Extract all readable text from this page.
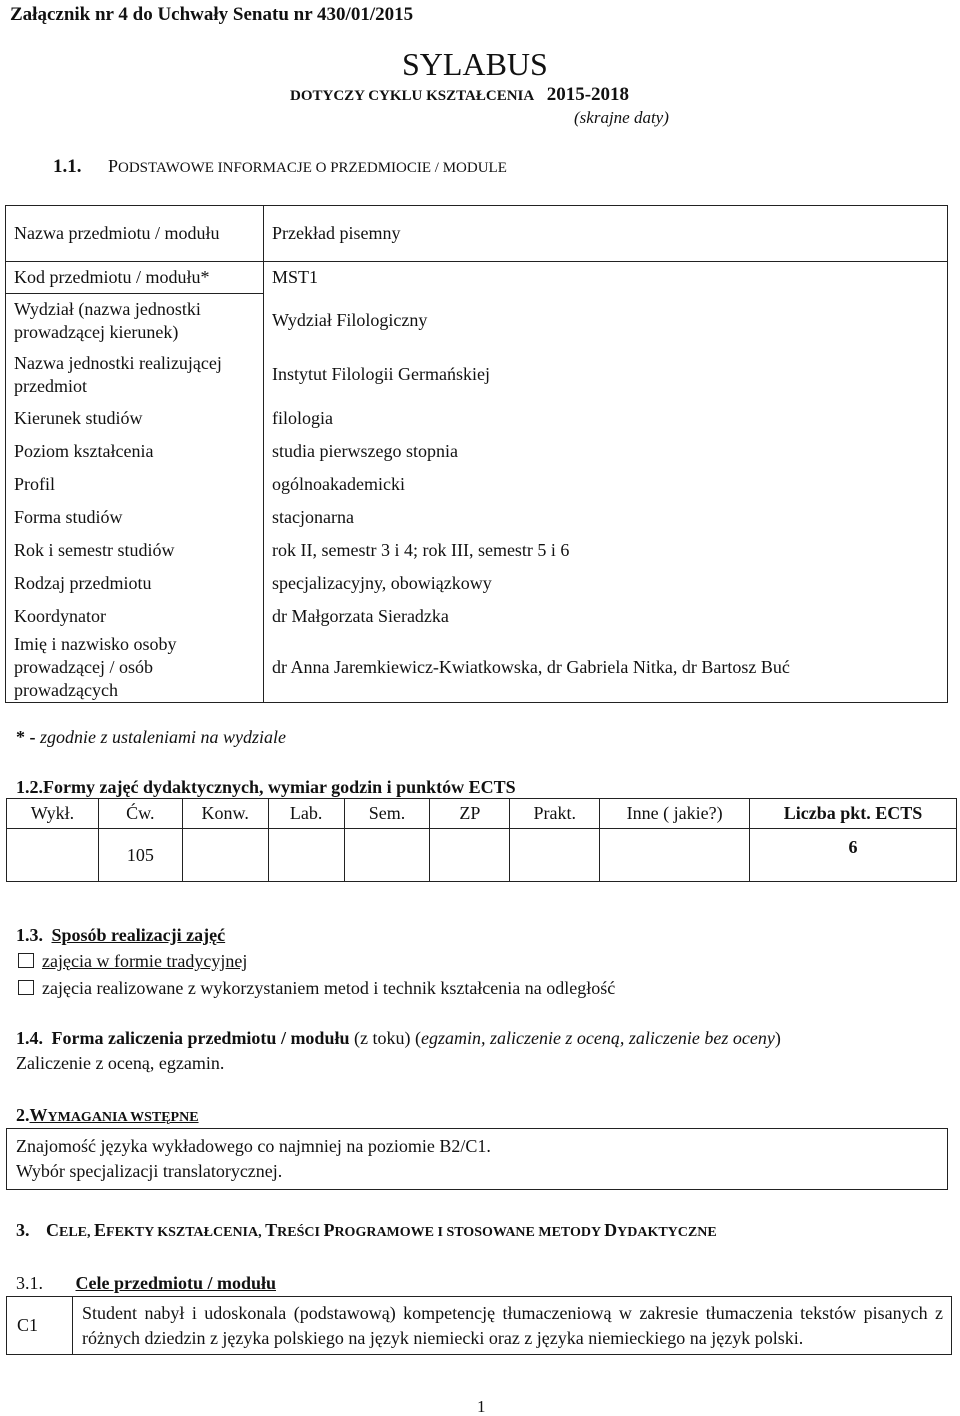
Załącznik nr 4 do Uchwały Senatu nr 430/01/2015
SYLABUS
DOTYCZY CYKLU KSZTAŁCENIA 2015-2018
(skrajne daty)
1.1. PODSTAWOWE INFORMACJE O PRZEDMIOCIE / MODULE
Nazwa przedmiotu / modułu	Przekład pisemny
Kod przedmiotu / modułu*	MST1
Wydział (nazwa jednostki prowadzącej kierunek)	Wydział Filologiczny
Nazwa jednostki realizującej przedmiot	Instytut Filologii Germańskiej
Kierunek studiów	filologia
Poziom kształcenia	studia pierwszego stopnia
Profil	ogólnoakademicki
Forma studiów	stacjonarna
Rok i semestr studiów	rok II, semestr 3 i 4; rok III, semestr 5 i 6
Rodzaj przedmiotu	specjalizacyjny, obowiązkowy
Koordynator	dr Małgorzata Sieradzka
Imię i nazwisko osoby prowadzącej / osób prowadzących	dr Anna Jaremkiewicz-Kwiatkowska, dr Gabriela Nitka, dr Bartosz Buć
* - zgodnie z ustaleniami na wydziale
1.2.Formy zajęć dydaktycznych, wymiar godzin i punktów ECTS
Wykł.	Ćw.	Konw.	Lab.	Sem.	ZP	Prakt.	Inne ( jakie?)	Liczba pkt. ECTS
	105							6
1.3. Sposób realizacji zajęć
zajęcia w formie tradycyjnej
zajęcia realizowane z wykorzystaniem metod i technik kształcenia na odległość
1.4. Forma zaliczenia przedmiotu / modułu (z toku) (egzamin, zaliczenie z oceną, zaliczenie bez oceny)
Zaliczenie z oceną, egzamin.
2.WYMAGANIA WSTĘPNE
Znajomość języka wykładowego co najmniej na poziomie B2/C1.
Wybór specjalizacji translatorycznej.
3. CELE, EFEKTY KSZTAŁCENIA, TREŚCI PROGRAMOWE I STOSOWANE METODY DYDAKTYCZNE
3.1. Cele przedmiotu / modułu
C1	Student nabył i udoskonala (podstawową) kompetencję tłumaczeniową w zakresie tłumaczenia tekstów pisanych z różnych dziedzin z języka polskiego na język niemiecki oraz z języka niemieckiego na język polski.
1
